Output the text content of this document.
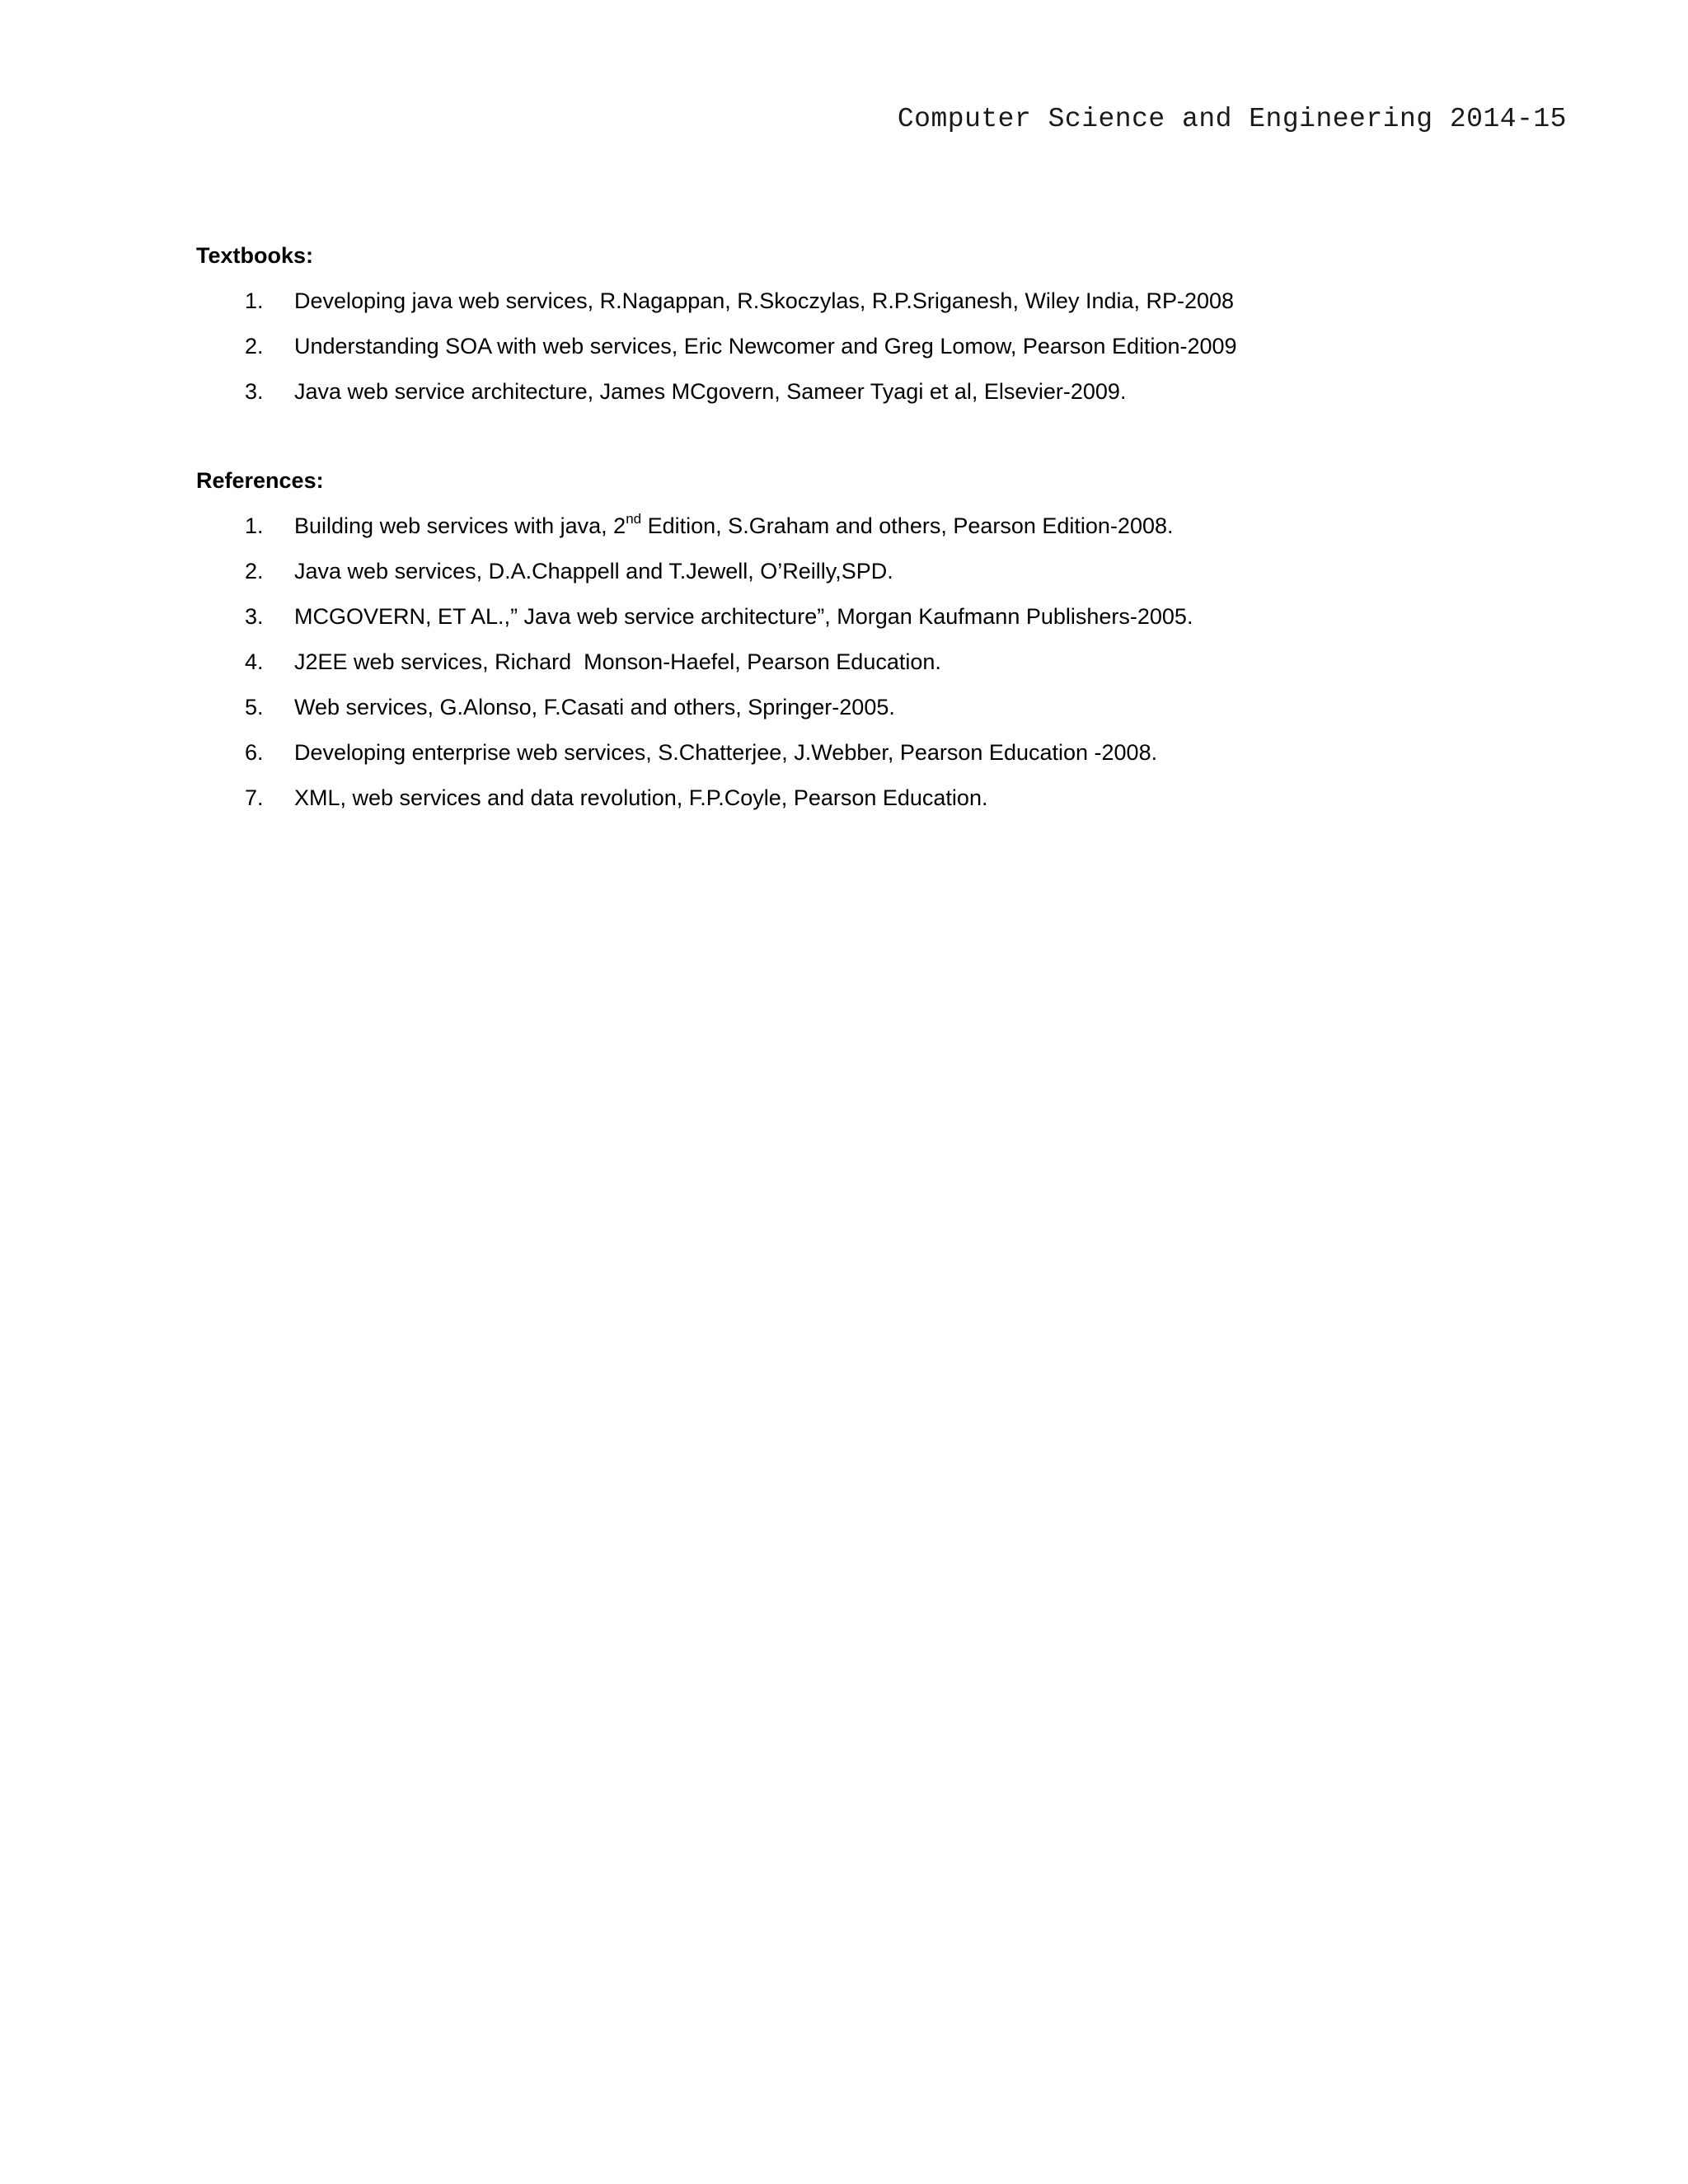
Computer Science and Engineering 2014-15
Textbooks:
1.	Developing java web services, R.Nagappan, R.Skoczylas, R.P.Sriganesh, Wiley India, RP-2008
2.	Understanding SOA with web services, Eric Newcomer and Greg Lomow, Pearson Edition-2009
3.	Java web service architecture, James MCgovern, Sameer Tyagi et al, Elsevier-2009.
References:
1.	Building web services with java, 2nd Edition, S.Graham and others, Pearson Edition-2008.
2.	Java web services, D.A.Chappell and T.Jewell, O’Reilly,SPD.
3.	MCGOVERN, ET AL.,” Java web service architecture”, Morgan Kaufmann Publishers-2005.
4.	J2EE web services, Richard  Monson-Haefel, Pearson Education.
5.	Web services, G.Alonso, F.Casati and others, Springer-2005.
6.	Developing enterprise web services, S.Chatterjee, J.Webber, Pearson Education -2008.
7.	XML, web services and data revolution, F.P.Coyle, Pearson Education.
